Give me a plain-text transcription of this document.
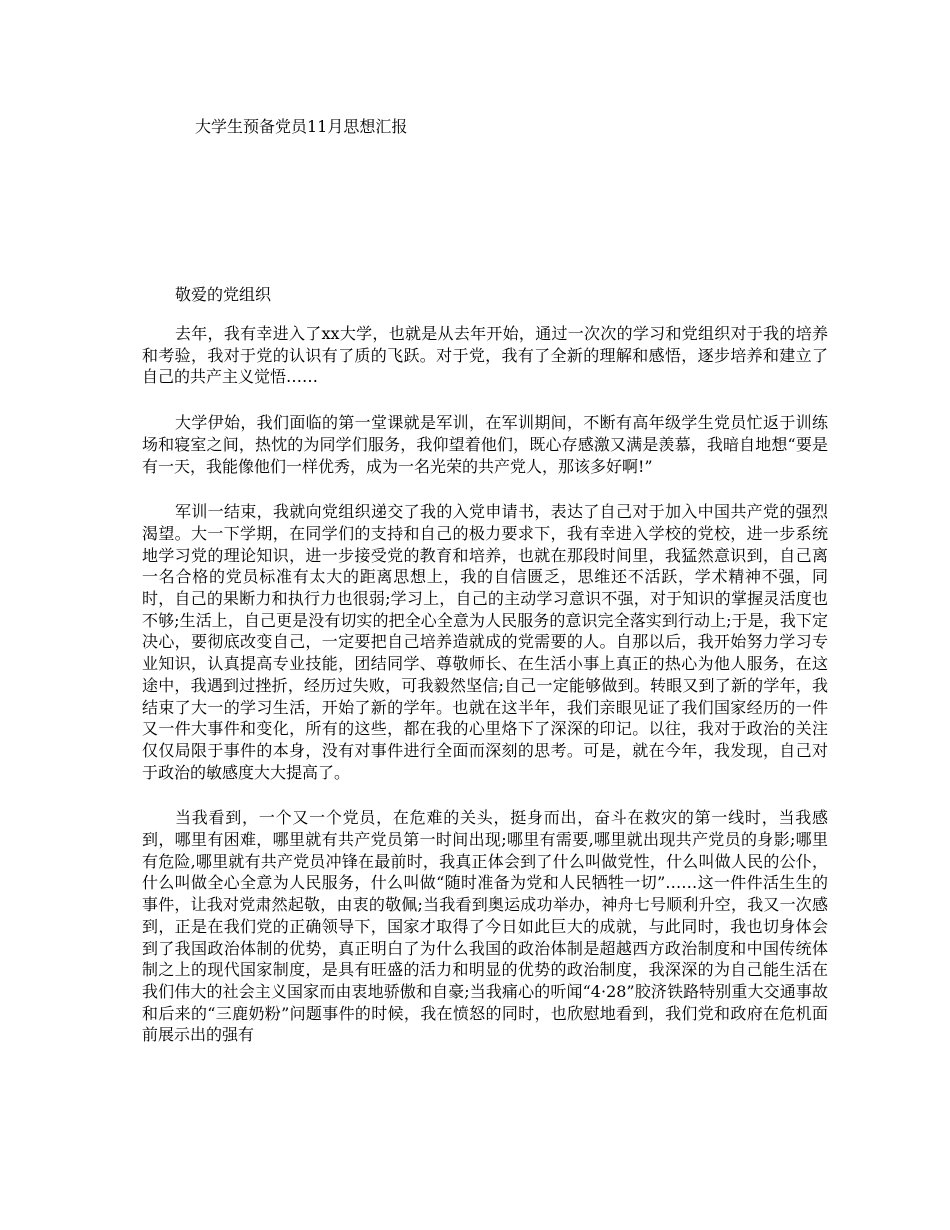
大学生预备党员11月思想汇报
敬爱的党组织

去年，我有幸进入了xx大学，也就是从去年开始，通过一次次的学习和党组织对于我的培养和考验，我对于党的认识有了质的飞跃。对于党，我有了全新的理解和感悟，逐步培养和建立了自己的共产主义觉悟……

大学伊始，我们面临的第一堂课就是军训，在军训期间，不断有高年级学生党员忙返于训练场和寝室之间，热忱的为同学们服务，我仰望着他们，既心存感激又满是羡慕，我暗自地想“要是有一天，我能像他们一样优秀，成为一名光荣的共产党人，那该多好啊!”

军训一结束，我就向党组织递交了我的入党申请书，表达了自己对于加入中国共产党的强烈渴望。大一下学期，在同学们的支持和自己的极力要求下，我有幸进入学校的党校，进一步系统地学习党的理论知识，进一步接受党的教育和培养，也就在那段时间里，我猛然意识到，自己离一名合格的党员标准有太大的距离思想上，我的自信匮乏，思维还不活跃，学术精神不强，同时，自己的果断力和执行力也很弱;学习上，自己的主动学习意识不强，对于知识的掌握灵活度也不够;生活上，自己更是没有切实的把全心全意为人民服务的意识完全落实到行动上;于是，我下定决心，要彻底改变自己，一定要把自己培养造就成的党需要的人。自那以后，我开始努力学习专业知识，认真提高专业技能，团结同学、尊敬师长、在生活小事上真正的热心为他人服务，在这途中，我遇到过挫折，经历过失败，可我毅然坚信;自己一定能够做到。转眼又到了新的学年，我结束了大一的学习生活，开始了新的学年。也就在这半年，我们亲眼见证了我们国家经历的一件又一件大事件和变化，所有的这些，都在我的心里烙下了深深的印记。以往，我对于政治的关注仅仅局限于事件的本身，没有对事件进行全面而深刻的思考。可是，就在今年，我发现，自己对于政治的敏感度大大提高了。

当我看到，一个又一个党员，在危难的关头，挺身而出，奋斗在救灾的第一线时，当我感到，哪里有困难，哪里就有共产党员第一时间出现;哪里有需要,哪里就出现共产党员的身影;哪里有危险,哪里就有共产党员冲锋在最前时，我真正体会到了什么叫做党性，什么叫做人民的公仆，什么叫做全心全意为人民服务，什么叫做“随时准备为党和人民牺牲一切”……这一件件活生生的事件，让我对党肃然起敬，由衷的敬佩;当我看到奥运成功举办，神舟七号顺利升空，我又一次感到，正是在我们党的正确领导下，国家才取得了今日如此巨大的成就，与此同时，我也切身体会到了我国政治体制的优势，真正明白了为什么我国的政治体制是超越西方政治制度和中国传统体制之上的现代国家制度，是具有旺盛的活力和明显的优势的政治制度，我深深的为自己能生活在我们伟大的社会主义国家而由衷地骄傲和自豪;当我痛心的听闻“4·28”胶济铁路特别重大交通事故和后来的“三鹿奶粉”问题事件的时候，我在愤怒的同时，也欣慰地看到，我们党和政府在危机面前展示出的强有
